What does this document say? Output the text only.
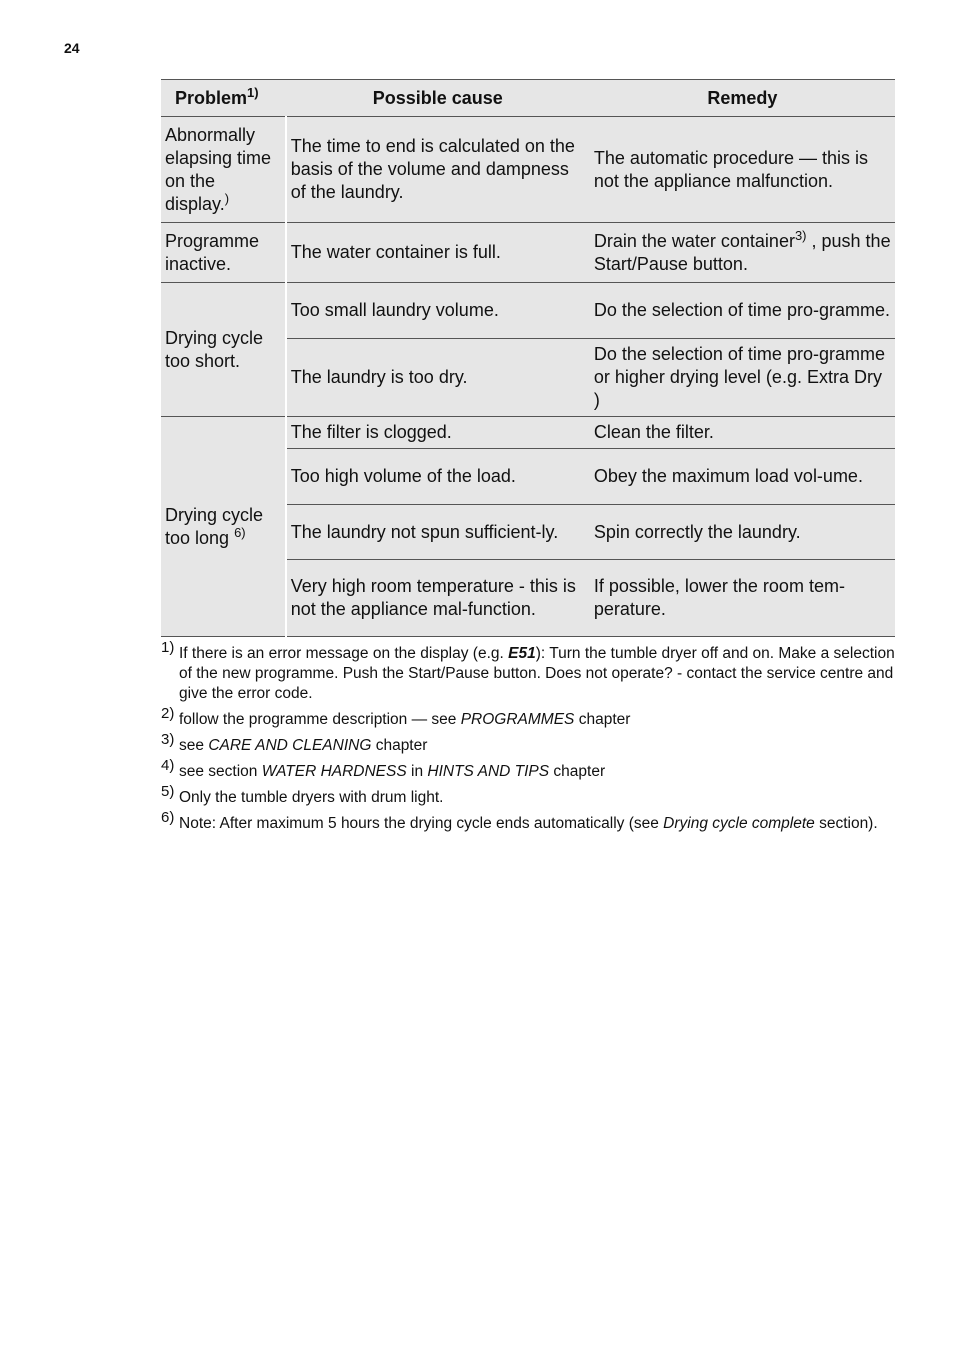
24
Problem$^{1)}$	Possible cause	Remedy
Abnormally elapsing time on the display.)	The time to end is calculated on the basis of the volume and dampness of the laundry.	The automatic procedure — this is not the appliance malfunction.
Programme inactive.	The water container is full.	Drain the water container$^{3)}$ , push the Start/Pause button.
Drying cycle too short.	Too small laundry volume.	Do the selection of time pro-gramme.
	The laundry is too dry.	Do the selection of time pro-gramme or higher drying level (e.g. Extra Dry )
Drying cycle too long $^{6)}$	The filter is clogged.	Clean the filter.
	Too high volume of the load.	Obey the maximum load vol-ume.
	The laundry not spun sufficient-ly.	Spin correctly the laundry.
	Very high room temperature - this is not the appliance mal-function.	If possible, lower the room tem-perature.
1) If there is an error message on the display (e.g. E51): Turn the tumble dryer off and on. Make a selection of the new programme. Push the Start/Pause button. Does not operate? - contact the service centre and give the error code.
2) follow the programme description — see PROGRAMMES chapter
3) see CARE AND CLEANING chapter
4) see section WATER HARDNESS in HINTS AND TIPS chapter
5) Only the tumble dryers with drum light.
6) Note: After maximum 5 hours the drying cycle ends automatically (see Drying cycle complete section).
